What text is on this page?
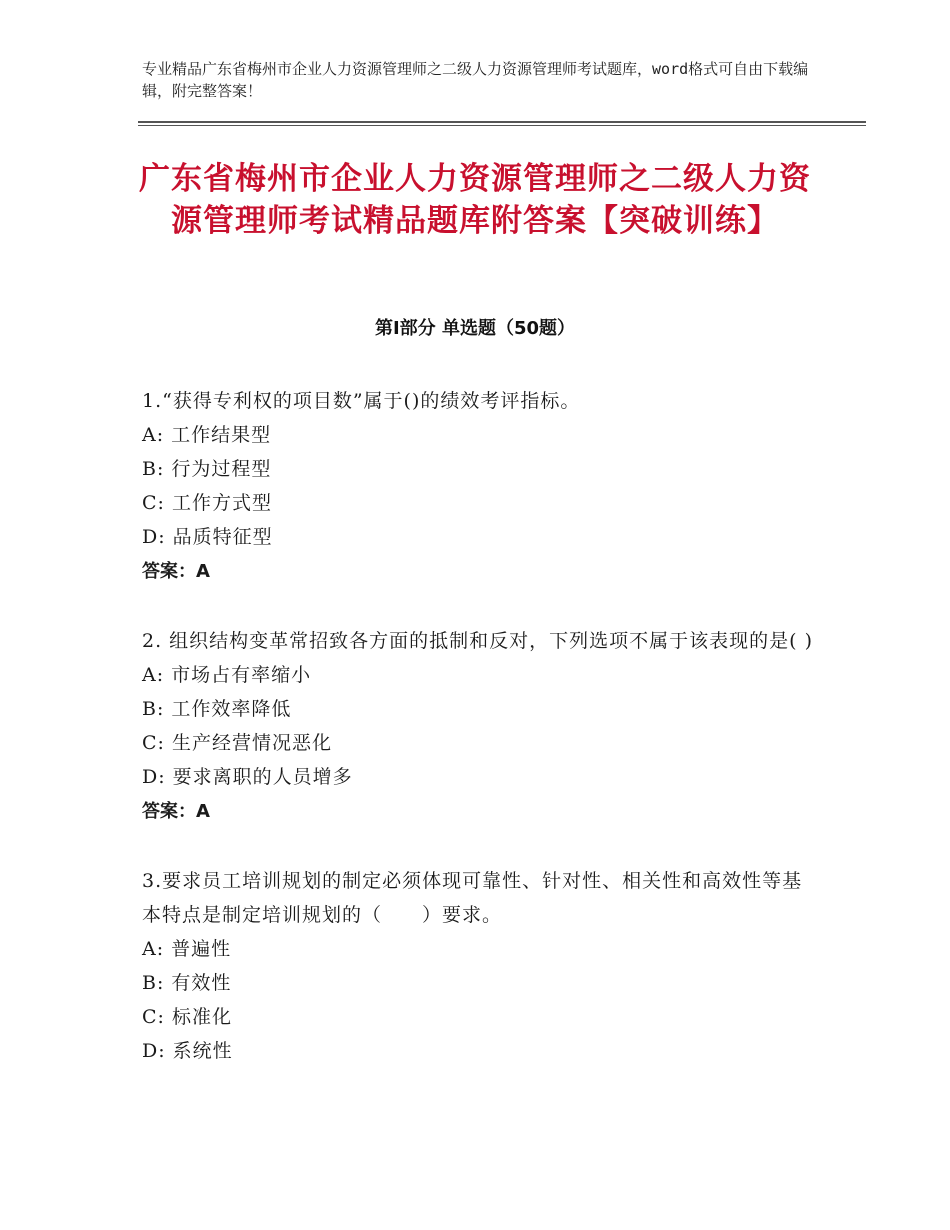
专业精品广东省梅州市企业人力资源管理师之二级人力资源管理师考试题库，word格式可自由下载编辑，附完整答案！
广东省梅州市企业人力资源管理师之二级人力资源管理师考试精品题库附答案【突破训练】
第Ⅰ部分 单选题（50题）
1.“获得专利权的项目数”属于()的绩效考评指标。
A: 工作结果型
B: 行为过程型
C: 工作方式型
D: 品质特征型
答案：A
2. 组织结构变革常招致各方面的抵制和反对，下列选项不属于该表现的是( )
A: 市场占有率缩小
B: 工作效率降低
C: 生产经营情况恶化
D: 要求离职的人员增多
答案：A
3.要求员工培训规划的制定必须体现可靠性、针对性、相关性和高效性等基本特点是制定培训规划的（　　）要求。
A: 普遍性
B: 有效性
C: 标准化
D: 系统性
